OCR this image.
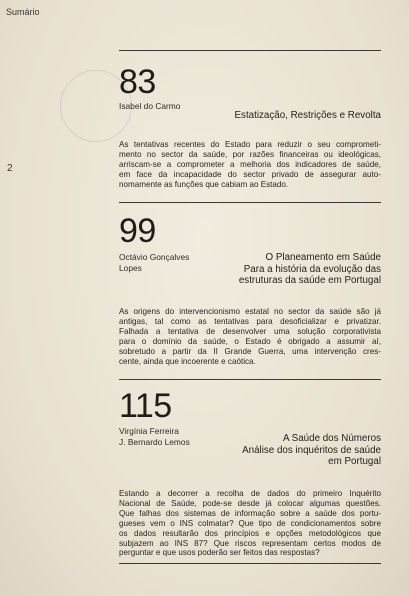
Sumário
2
83
Isabel do Carmo
Estatização, Restrições e Revolta
As tentativas recentes do Estado para reduzir o seu comprometi-
mento no sector da saúde, por razões financeiras ou ideológicas,
arriscam-se a comprometer a melhoria dos indicadores de saúde,
em face da incapacidade do sector privado de assegurar auto-
nomamente as funções que cabiam ao Estado.
99
Octávio Gonçalves
Lopes
O Planeamento em Saúde
Para a história da evolução das
estruturas da saúde em Portugal
As origens do intervencionismo estatal no sector da saúde são já
antigas, tal como as tentativas para desoficializar e privatizar.
Falhada a tentativa de desenvolver uma solução corporativista
para o domínio da saúde, o Estado é obrigado a assumir aí,
sobretudo a partir da II Grande Guerra, uma intervenção cres-
cente, ainda que incoerente e caótica.
115
Virgínia Ferreira
J. Bernardo Lemos	A Saúde dos Números
Análise dos inquéritos de saúde
em Portugal
Estando a decorrer a recolha de dados do primeiro Inquérito
Nacional de Saúde, pode-se desde já colocar algumas questões.
Que falhas dos sistemas de informação sobre a saúde dos portu-
gueses vem o INS colmatar? Que tipo de condicionamentos sobre
os dados resultarão dos princípios e opções metodológicos que
subjazem ao INS 87? Que riscos representam certos modos de
perguntar e que usos poderão ser feitos das respostas?
